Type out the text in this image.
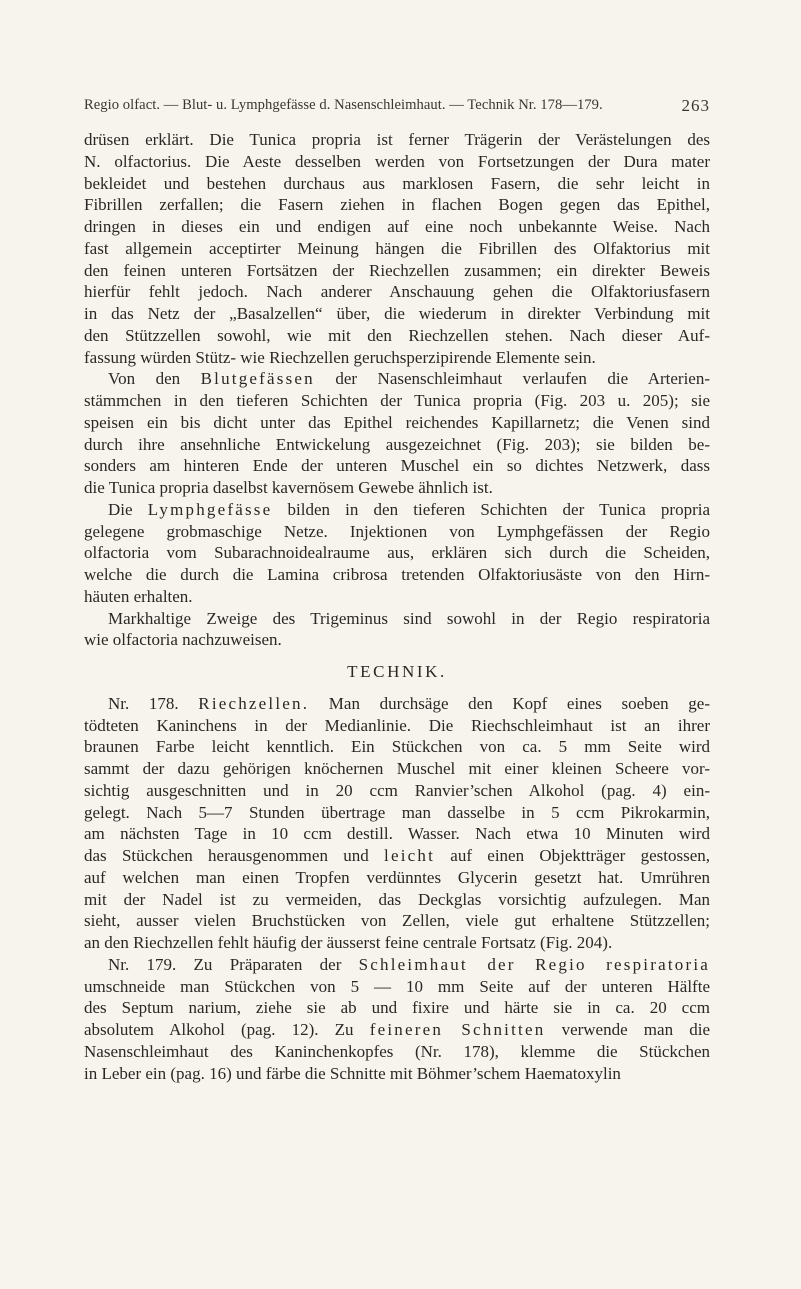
Regio olfact. — Blut- u. Lymphgefässe d. Nasenschleimhaut. — Technik Nr. 178—179.	263
drüsen erklärt. Die Tunica propria ist ferner Trägerin der Verästelungen des
N. olfactorius. Die Aeste desselben werden von Fortsetzungen der Dura mater
bekleidet und bestehen durchaus aus marklosen Fasern, die sehr leicht in
Fibrillen zerfallen; die Fasern ziehen in flachen Bogen gegen das Epithel,
dringen in dieses ein und endigen auf eine noch unbekannte Weise. Nach
fast allgemein acceptirter Meinung hängen die Fibrillen des Olfaktorius mit
den feinen unteren Fortsätzen der Riechzellen zusammen; ein direkter Beweis
hierfür fehlt jedoch. Nach anderer Anschauung gehen die Olfaktoriusfasern
in das Netz der „Basalzellen“ über, die wiederum in direkter Verbindung mit
den Stützzellen sowohl, wie mit den Riechzellen stehen. Nach dieser Auf-
fassung würden Stütz- wie Riechzellen geruchsperzipirende Elemente sein.
Von den Blutgefässen der Nasenschleimhaut verlaufen die Arterien-
stämmchen in den tieferen Schichten der Tunica propria (Fig. 203 u. 205); sie
speisen ein bis dicht unter das Epithel reichendes Kapillarnetz; die Venen sind
durch ihre ansehnliche Entwickelung ausgezeichnet (Fig. 203); sie bilden be-
sonders am hinteren Ende der unteren Muschel ein so dichtes Netzwerk, dass
die Tunica propria daselbst kavernösem Gewebe ähnlich ist.
Die Lymphgefässe bilden in den tieferen Schichten der Tunica propria
gelegene grobmaschige Netze. Injektionen von Lymphgefässen der Regio
olfactoria vom Subarachnoidealraume aus, erklären sich durch die Scheiden,
welche die durch die Lamina cribrosa tretenden Olfaktoriusäste von den Hirn-
häuten erhalten.
Markhaltige Zweige des Trigeminus sind sowohl in der Regio respiratoria
wie olfactoria nachzuweisen.
TECHNIK.
Nr. 178. Riechzellen. Man durchsäge den Kopf eines soeben ge-
tödteten Kaninchens in der Medianlinie. Die Riechschleimhaut ist an ihrer
braunen Farbe leicht kenntlich. Ein Stückchen von ca. 5 mm Seite wird
sammt der dazu gehörigen knöchernen Muschel mit einer kleinen Scheere vor-
sichtig ausgeschnitten und in 20 ccm Ranvier’schen Alkohol (pag. 4) ein-
gelegt. Nach 5—7 Stunden übertrage man dasselbe in 5 ccm Pikrokarmin,
am nächsten Tage in 10 ccm destill. Wasser. Nach etwa 10 Minuten wird
das Stückchen herausgenommen und leicht auf einen Objektträger gestossen,
auf welchen man einen Tropfen verdünntes Glycerin gesetzt hat. Umrühren
mit der Nadel ist zu vermeiden, das Deckglas vorsichtig aufzulegen. Man
sieht, ausser vielen Bruchstücken von Zellen, viele gut erhaltene Stützzellen;
an den Riechzellen fehlt häufig der äusserst feine centrale Fortsatz (Fig. 204).
Nr. 179. Zu Präparaten der Schleimhaut der Regio respiratoria
umschneide man Stückchen von 5 — 10 mm Seite auf der unteren Hälfte
des Septum narium, ziehe sie ab und fixire und härte sie in ca. 20 ccm
absolutem Alkohol (pag. 12). Zu feineren Schnitten verwende man die
Nasenschleimhaut des Kaninchenkopfes (Nr. 178), klemme die Stückchen
in Leber ein (pag. 16) und färbe die Schnitte mit Böhmer’schem Haematoxylin
